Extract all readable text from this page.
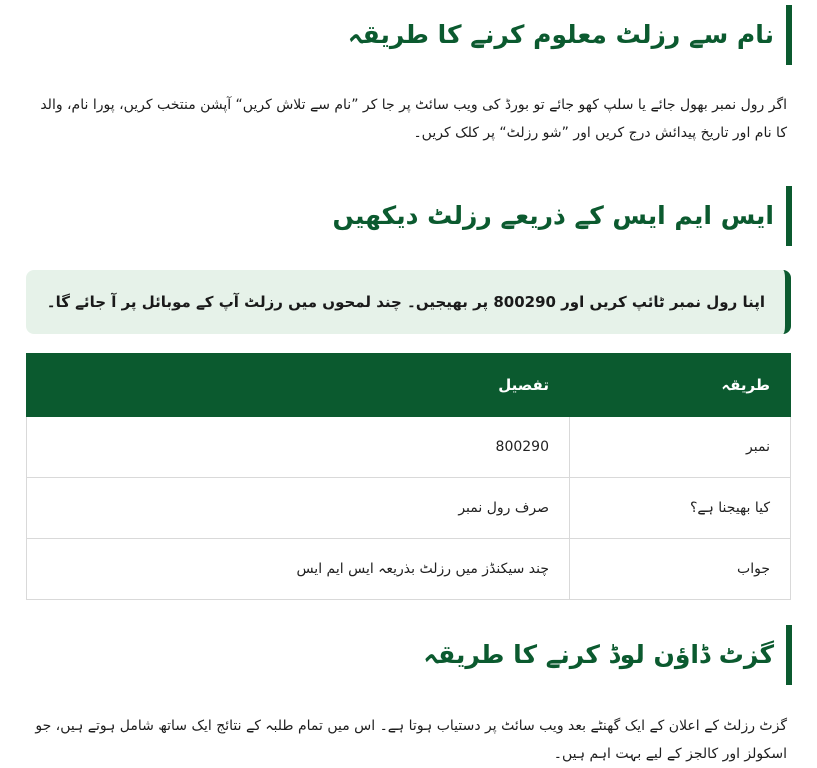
نام سے رزلٹ معلوم کرنے کا طریقہ

اگر رول نمبر بھول جائے یا سلپ کھو جائے تو بورڈ کی ویب سائٹ پر جا کر ”نام سے تلاش کریں“ آپشن منتخب کریں، پورا نام، والد کا نام اور تاریخ پیدائش درج کریں اور ”شو رزلٹ“ پر کلک کریں۔

ایس ایم ایس کے ذریعے رزلٹ دیکھیں
اپنا رول نمبر ٹائپ کریں اور 800290 پر بھیجیں۔ چند لمحوں میں رزلٹ آپ کے موبائل پر آ جائے گا۔
طریقہ	تفصیل
نمبر	800290
کیا بھیجنا ہے؟	صرف رول نمبر
جواب	چند سیکنڈز میں رزلٹ بذریعہ ایس ایم ایس
گزٹ ڈاؤن لوڈ کرنے کا طریقہ

گزٹ رزلٹ کے اعلان کے ایک گھنٹے بعد ویب سائٹ پر دستیاب ہوتا ہے۔ اس میں تمام طلبہ کے نتائج ایک ساتھ شامل ہوتے ہیں، جو اسکولز اور کالجز کے لیے بہت اہم ہیں۔
